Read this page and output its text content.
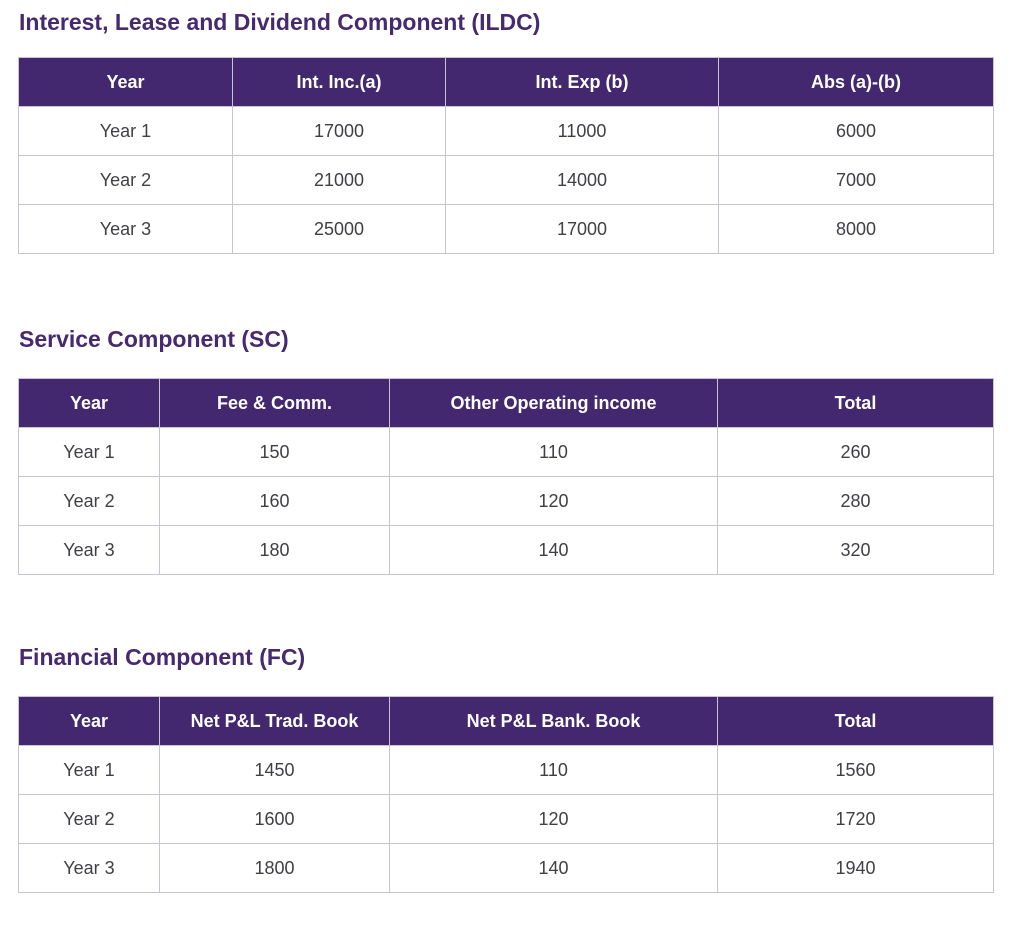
Interest, Lease and Dividend Component (ILDC)
Year	Int. Inc.(a)	Int. Exp (b)	Abs (a)-(b)
Year 1	17000	11000	6000
Year 2	21000	14000	7000
Year 3	25000	17000	8000
Service Component (SC)
Year	Fee & Comm.	Other Operating income	Total
Year 1	150	110	260
Year 2	160	120	280
Year 3	180	140	320
Financial Component (FC)
Year	Net P&L Trad. Book	Net P&L Bank. Book	Total
Year 1	1450	110	1560
Year 2	1600	120	1720
Year 3	1800	140	1940
